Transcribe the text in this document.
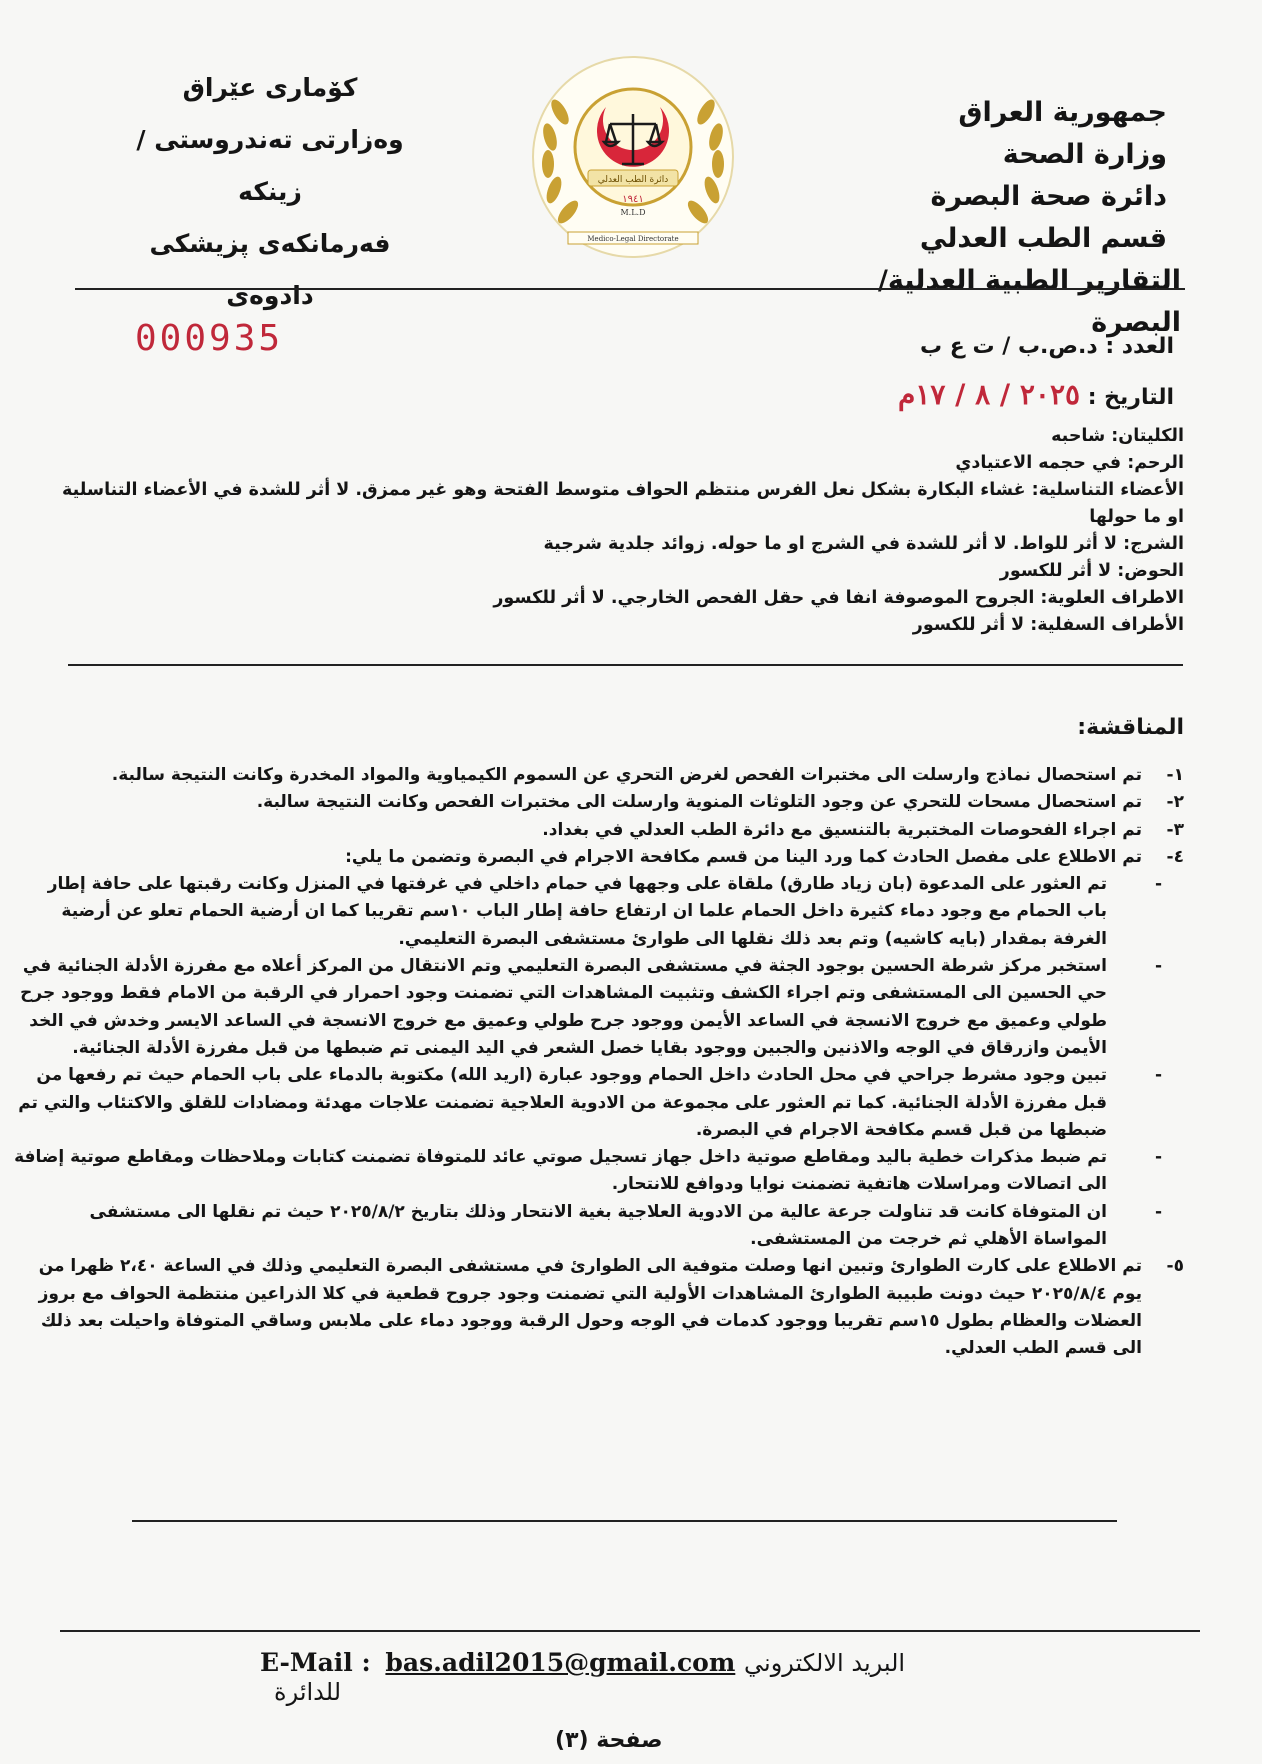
كۆماری عێراق
وەزارتی تەندروستی / زینکە
فەرمانكەی پزیشكی دادوەی
دائرة الطب العدلي
١٩٤١
M.L.D
Medico-Legal Directorate
جمهورية العراق
وزارة الصحة
دائرة صحة البصرة
قسم الطب العدلي
التقارير الطبية العدلية/البصرة
000935	العدد : د.ص.ب / ت ع ب
التاريخ : ٢٠٢٥ / ٨ / ١٧م
الكليتان: شاحبه
الرحم: في حجمه الاعتيادي
الأعضاء التناسلية: غشاء البكارة بشكل نعل الفرس منتظم الحواف متوسط الفتحة وهو غير ممزق. لا أثر للشدة في الأعضاء التناسلية او ما حولها
الشرج: لا أثر للواط. لا أثر للشدة في الشرج او ما حوله. زوائد جلدية شرجية
الحوض: لا أثر للكسور
الاطراف العلوية: الجروح الموصوفة انفا في حقل الفحص الخارجي. لا أثر للكسور
الأطراف السفلية: لا أثر للكسور
المناقشة:
١-
تم استحصال نماذج وارسلت الى مختبرات الفحص لغرض التحري عن السموم الكيمياوية والمواد المخدرة وكانت النتيجة سالبة.
٢-
تم استحصال مسحات للتحري عن وجود التلوثات المنوية وارسلت الى مختبرات الفحص وكانت النتيجة سالبة.
٣-
تم اجراء الفحوصات المختبرية بالتنسيق مع دائرة الطب العدلي في بغداد.
٤-
تم الاطلاع على مفصل الحادث كما ورد الينا من قسم مكافحة الاجرام في البصرة وتضمن ما يلي:
-
تم العثور على المدعوة (بان زياد طارق) ملقاة على وجهها في حمام داخلي في غرفتها في المنزل وكانت رقبتها على حافة إطار باب الحمام مع وجود دماء كثيرة داخل الحمام علما ان ارتفاع حافة إطار الباب ١٠سم تقريبا كما ان أرضية الحمام تعلو عن أرضية الغرفة بمقدار (بايه كاشيه) وتم بعد ذلك نقلها الى طوارئ مستشفى البصرة التعليمي.
-
استخبر مركز شرطة الحسين بوجود الجثة في مستشفى البصرة التعليمي وتم الانتقال من المركز أعلاه مع مفرزة الأدلة الجنائية في حي الحسين الى المستشفى وتم اجراء الكشف وتثبيت المشاهدات التي تضمنت وجود احمرار في الرقبة من الامام فقط ووجود جرح طولي وعميق مع خروج الانسجة في الساعد الأيمن ووجود جرح طولي وعميق مع خروج الانسجة في الساعد الايسر وخدش في الخد الأيمن وازرقاق في الوجه والاذنين والجبين ووجود بقايا خصل الشعر في اليد اليمنى تم ضبطها من قبل مفرزة الأدلة الجنائية.
-
تبين وجود مشرط جراحي في محل الحادث داخل الحمام ووجود عبارة (اريد الله) مكتوبة بالدماء على باب الحمام حيث تم رفعها من قبل مفرزة الأدلة الجنائية. كما تم العثور على مجموعة من الادوية العلاجية تضمنت علاجات مهدئة ومضادات للقلق والاكتئاب والتي تم ضبطها من قبل قسم مكافحة الاجرام في البصرة.
-
تم ضبط مذكرات خطية باليد ومقاطع صوتية داخل جهاز تسجيل صوتي عائد للمتوفاة تضمنت كتابات وملاحظات ومقاطع صوتية إضافة الى اتصالات ومراسلات هاتفية تضمنت نوايا ودوافع للانتحار.
-
ان المتوفاة كانت قد تناولت جرعة عالية من الادوية العلاجية بغية الانتحار وذلك بتاريخ ٢٠٢٥/٨/٢ حيث تم نقلها الى مستشفى المواساة الأهلي ثم خرجت من المستشفى.
٥-
تم الاطلاع على كارت الطوارئ وتبين انها وصلت متوفية الى الطوارئ في مستشفى البصرة التعليمي وذلك في الساعة ٢،٤٠ ظهرا من يوم ٢٠٢٥/٨/٤ حيث دونت طبيبة الطوارئ المشاهدات الأولية التي تضمنت وجود جروح قطعية في كلا الذراعين منتظمة الحواف مع بروز العضلات والعظام بطول ١٥سم تقريبا ووجود كدمات في الوجه وحول الرقبة ووجود دماء على ملابس وساقي المتوفاة واحيلت بعد ذلك الى قسم الطب العدلي.
E-Mail : bas.adil2015@gmail.com البريد الالكتروني للدائرة
صفحة (٣)
